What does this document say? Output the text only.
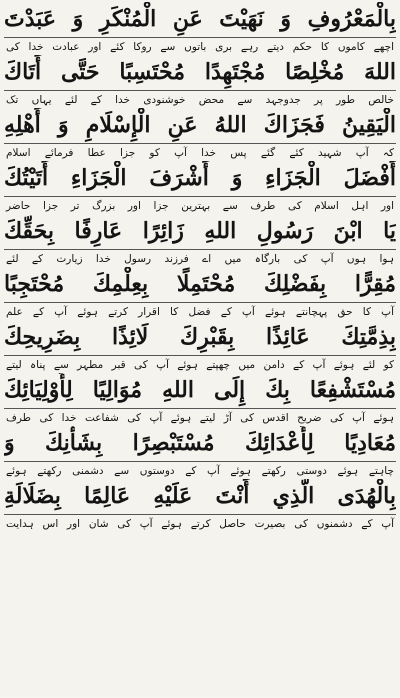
بِالْمَعْرُوفِ وَ نَهَيْتَ عَنِ الْمُنْكَرِ وَ عَبَدْتَ
اچھے کاموں کا حکم دیتے رہے بری باتوں سے روکا کئے اور عبادت خدا کی
اللهَ مُخْلِصًا مُجْتَهِدًا مُحْتَسِبًا حَتَّى أَتَاكَ
خالص طور پر جدوجہد سے محض خوشنودی خدا کے لئے یہاں تک
الْيَقِينُ فَجَزَاكَ اللهُ عَنِ الْإِسْلَامِ وَ أَهْلِهِ
کہ آپ شہید کئے گئے پس خدا آپ کو جزا عطا فرمائے اسلام
أَفْضَلَ الْجَزَاءِ وَ أَشْرَفَ الْجَزَاءِ أَتَيْتُكَ
اور اہل اسلام کی طرف سے بہترین جزا اور بزرگ تر جزا حاضر
يَا ابْنَ رَسُولِ اللهِ زَائِرًا عَارِفًا بِحَقِّكَ
ہوا ہوں آپ کی بارگاہ میں اے فرزند رسول خدا زیارت کے لئے
مُقِرًّا بِفَضْلِكَ مُحْتَمِلًا بِعِلْمِكَ مُحْتَجِبًا
آپ کا حق پہچانتے ہوئے آپ کے فضل کا اقرار کرتے ہوئے آپ کے علم
بِذِمَّتِكَ عَائِذًا بِقَبْرِكَ لَائِذًا بِضَرِيحِكَ
کو لئے ہوئے آپ کے دامن میں چھپتے ہوئے آپ کی قبر مطہر سے پناہ لیتے
مُسْتَشْفِعًا بِكَ إِلَى اللهِ مُوَالِيًا لِأَوْلِيَائِكَ
ہوئے آپ کی ضریح اقدس کی آڑ لیتے ہوئے آپ کی شفاعت خدا کی طرف
مُعَادِيًا لِأَعْدَائِكَ مُسْتَبْصِرًا بِشَأْنِكَ وَ
چاہتے ہوئے دوستی رکھتے ہوئے آپ کے دوستوں سے دشمنی رکھتے ہوئے
بِالْهُدَى الَّذِي أَنْتَ عَلَيْهِ عَالِمًا بِضَلَالَةِ
آپ کے دشمنوں کی بصیرت حاصل کرتے ہوئے آپ کی شان اور اس ہدایت
